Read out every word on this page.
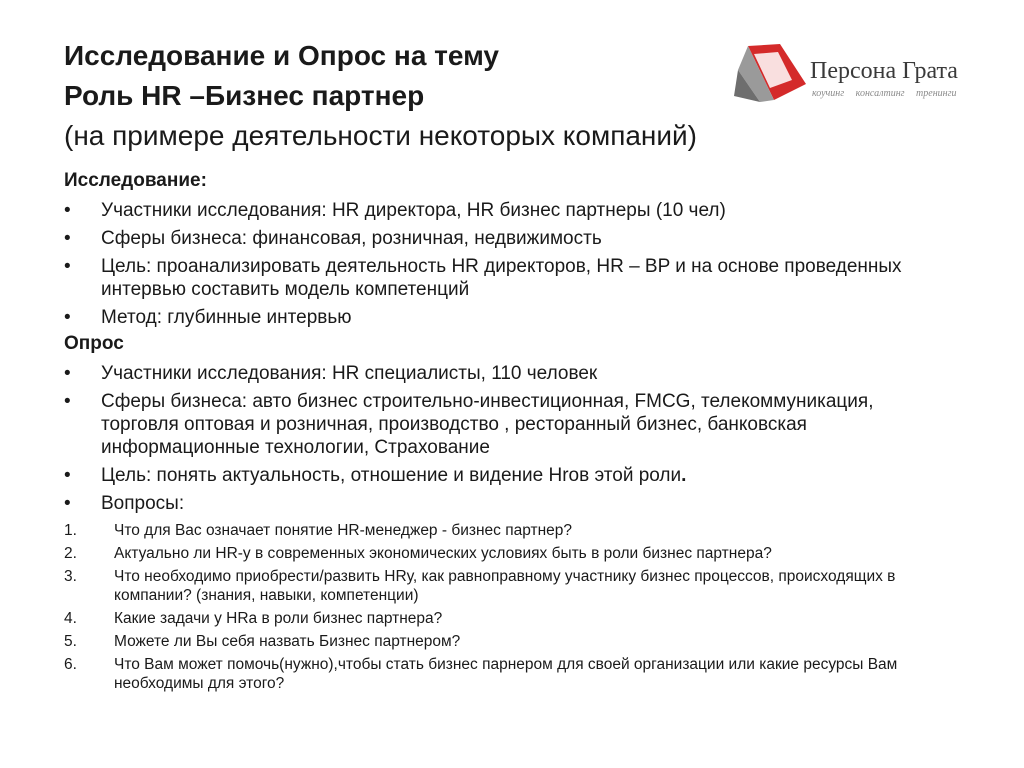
Исследование и Опрос на тему
Роль HR –Бизнес партнер
(на примере деятельности некоторых компаний)
Персона Грата
коучинг консалтинг тренинги
Исследование:
• Участники исследования: HR директора, HR бизнес партнеры (10 чел)
• Сферы бизнеса: финансовая, розничная, недвижимость
• Цель: проанализировать деятельность HR директоров, HR – BP и на основе проведенных интервью составить модель компетенций
• Метод: глубинные интервью
Опрос
• Участники исследования: HR специалисты, 110 человек
• Сферы бизнеса: авто бизнес строительно-инвестиционная, FMCG, телекоммуникация, торговля оптовая и розничная, производство , ресторанный бизнес, банковская информационные технологии, Страхование
• Цель: понять актуальность, отношение и видение Hrов этой роли.
• Вопросы:
1. Что для Вас означает понятие HR-менеджер - бизнес партнер?
2. Актуально ли HR-у в современных экономических условиях быть в роли бизнес партнера?
3. Что необходимо приобрести/развить HRу, как равноправному участнику бизнес процессов, происходящих в компании? (знания, навыки, компетенции)
4. Какие задачи у HRа в роли бизнес партнера?
5. Можете ли Вы себя назвать Бизнес партнером?
6. Что Вам может помочь(нужно),чтобы стать бизнес парнером для своей организации или какие ресурсы Вам необходимы для этого?
